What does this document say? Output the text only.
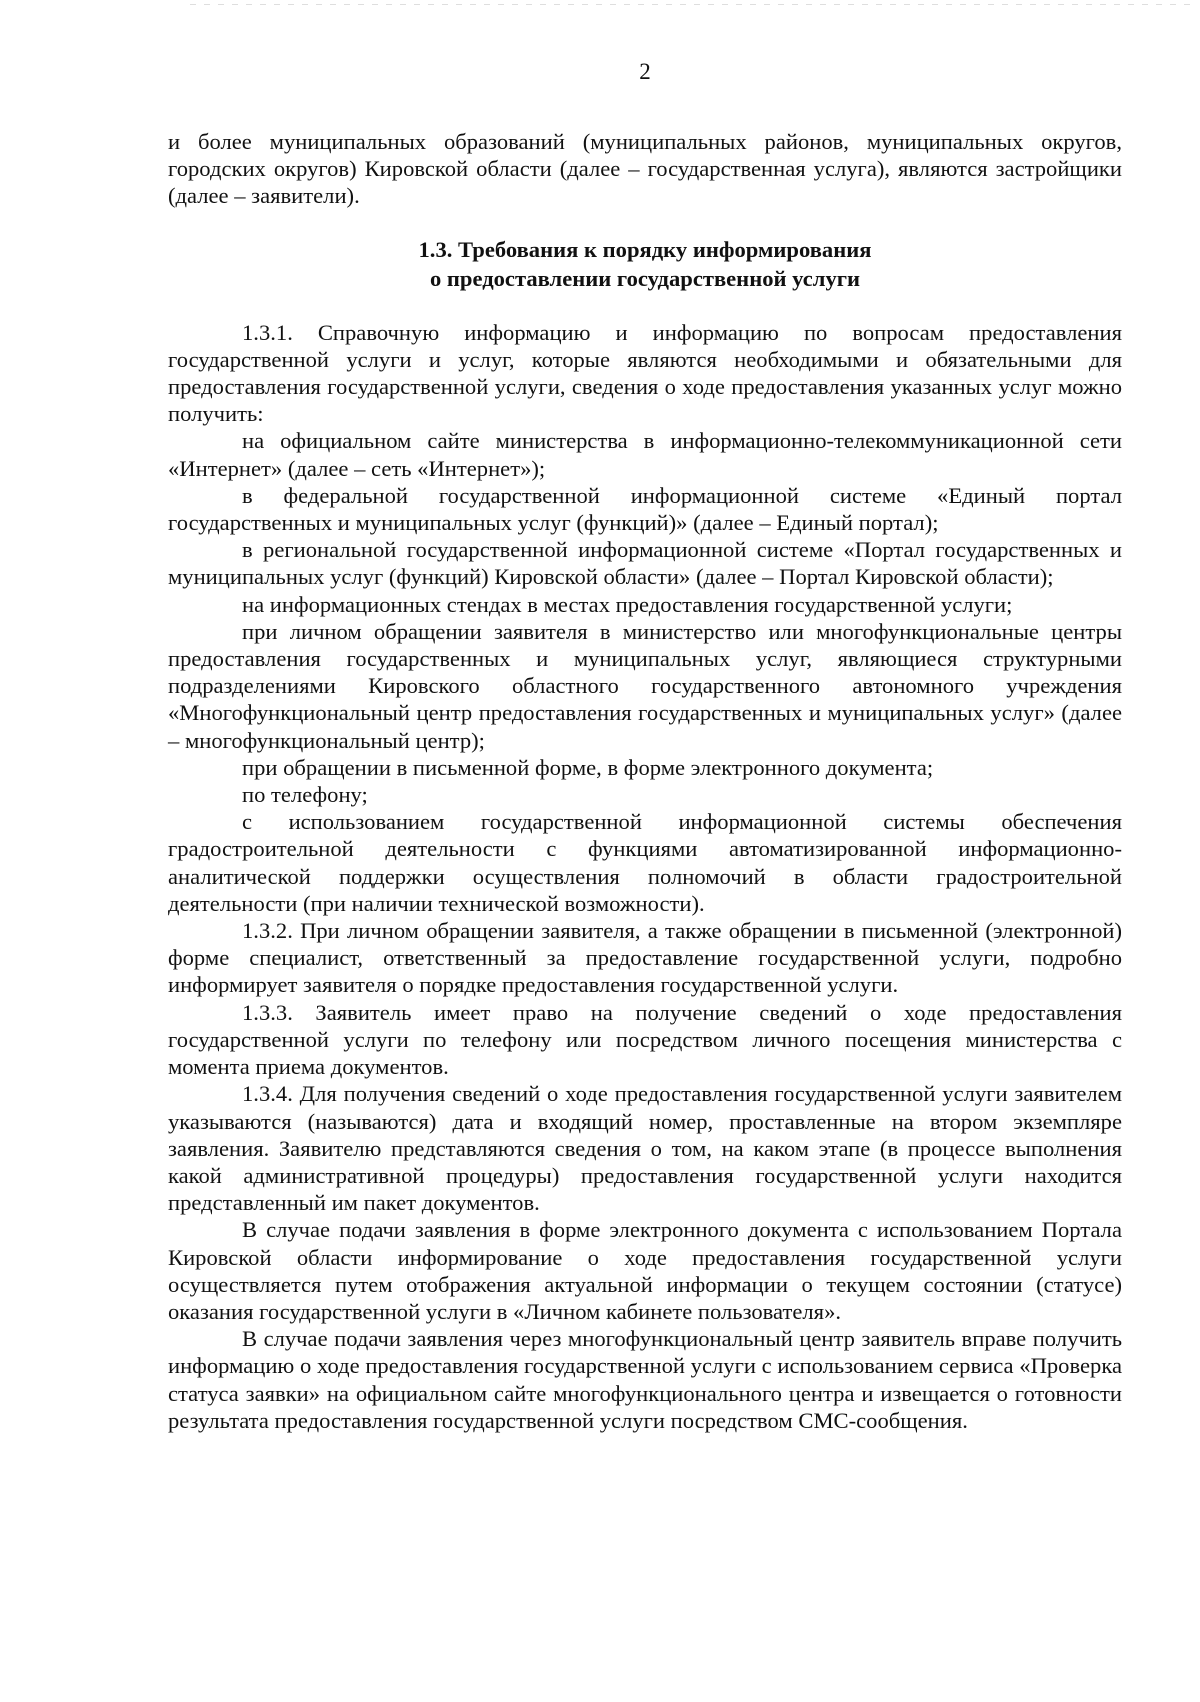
2

и более муниципальных образований (муниципальных районов, муниципальных округов, городских округов) Кировской области (далее – государственная услуга), являются застройщики (далее – заявители).

1.3. Требования к порядку информирования
о предоставлении государственной услуги

1.3.1. Справочную информацию и информацию по вопросам предоставления государственной услуги и услуг, которые являются необходимыми и обязательными для предоставления государственной услуги, сведения о ходе предоставления указанных услуг можно получить:

на официальном сайте министерства в информационно-телекоммуникационной сети «Интернет» (далее – сеть «Интернет»);

в федеральной государственной информационной системе «Единый портал государственных и муниципальных услуг (функций)» (далее – Единый портал);

в региональной государственной информационной системе «Портал государственных и муниципальных услуг (функций) Кировской области» (далее – Портал Кировской области);

на информационных стендах в местах предоставления государственной услуги;

при личном обращении заявителя в министерство или многофункциональные центры предоставления государственных и муниципальных услуг, являющиеся структурными подразделениями Кировского областного государственного автономного учреждения «Многофункциональный центр предоставления государственных и муниципальных услуг» (далее – многофункциональный центр);

при обращении в письменной форме, в форме электронного документа;

по телефону;

с использованием государственной информационной системы обеспечения градостроительной деятельности с функциями автоматизированной информационно-аналитической поддержки осуществления полномочий в области градостроительной деятельности (при наличии технической возможности).

1.3.2. При личном обращении заявителя, а также обращении в письменной (электронной) форме специалист, ответственный за предоставление государственной услуги, подробно информирует заявителя о порядке предоставления государственной услуги.

1.3.3. Заявитель имеет право на получение сведений о ходе предоставления государственной услуги по телефону или посредством личного посещения министерства с момента приема документов.

1.3.4. Для получения сведений о ходе предоставления государственной услуги заявителем указываются (называются) дата и входящий номер, проставленные на втором экземпляре заявления. Заявителю представляются сведения о том, на каком этапе (в процессе выполнения какой административной процедуры) предоставления государственной услуги находится представленный им пакет документов.

В случае подачи заявления в форме электронного документа с использованием Портала Кировской области информирование о ходе предоставления государственной услуги осуществляется путем отображения актуальной информации о текущем состоянии (статусе) оказания государственной услуги в «Личном кабинете пользователя».

В случае подачи заявления через многофункциональный центр заявитель вправе получить информацию о ходе предоставления государственной услуги с использованием сервиса «Проверка статуса заявки» на официальном сайте многофункционального центра и извещается о готовности результата предоставления государственной услуги посредством СМС-сообщения.
